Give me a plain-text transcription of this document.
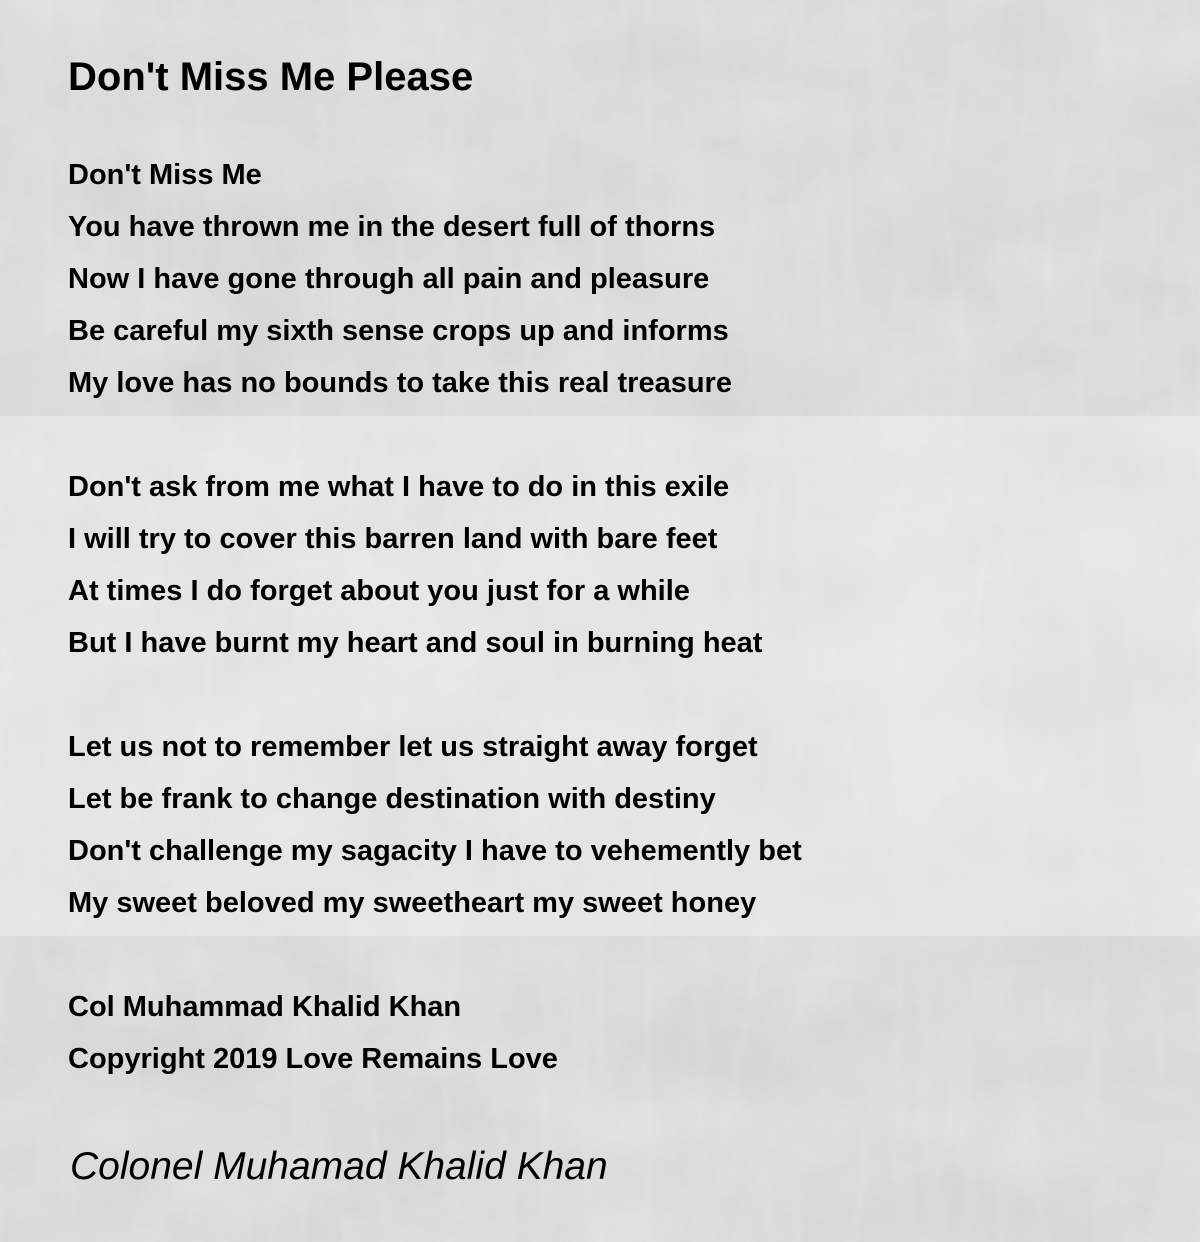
Don't Miss Me Please
Don't Miss Me
You have thrown me in the desert full of thorns
Now I have gone through all pain and pleasure
Be careful my sixth sense crops up and informs
My love has no bounds to take this real treasure
Don't ask from me what I have to do in this exile
I will try to cover this barren land with bare feet
At times I do forget about you just for a while
But I have burnt my heart and soul in burning heat
Let us not to remember let us straight away forget
Let be frank to change destination with destiny
Don't challenge my sagacity I have to vehemently bet
My sweet beloved my sweetheart my sweet honey
Col Muhammad Khalid Khan
Copyright 2019 Love Remains Love
Colonel Muhamad Khalid Khan
